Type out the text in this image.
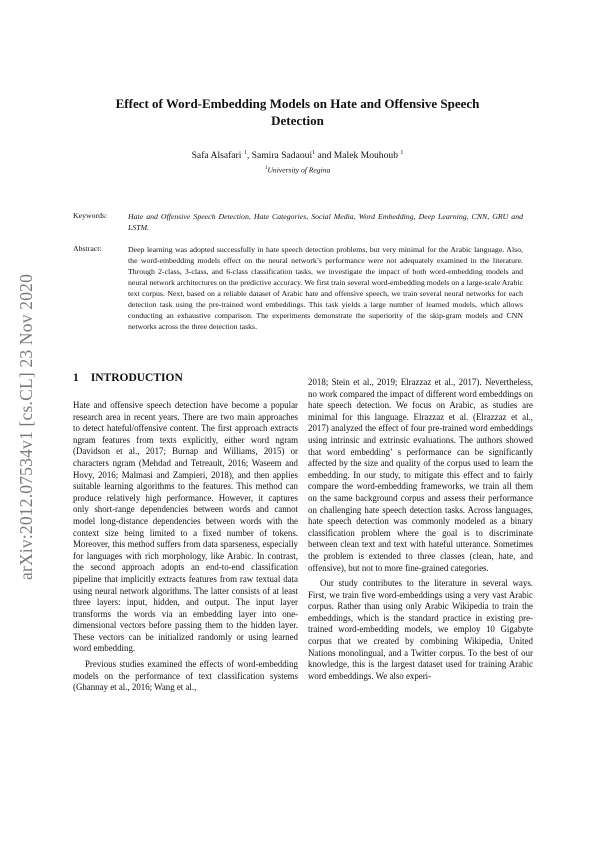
arXiv:2012.07534v1 [cs.CL] 23 Nov 2020
Effect of Word-Embedding Models on Hate and Offensive Speech Detection
Safa Alsafari $^1$, Samira Sadaoui$^1$ and Malek Mouhoub $^1$
$^1$University of Regina
Keywords:	Hate and Offensive Speech Detection, Hate Categories, Social Media, Word Embedding, Deep Learning, CNN, GRU and LSTM.
Abstract:	Deep learning was adopted successfully in hate speech detection problems, but very minimal for the Arabic language. Also, the word-embedding models effect on the neural network’s performance were not adequately examined in the literature. Through 2-class, 3-class, and 6-class classification tasks, we investigate the impact of both word-embedding models and neural network architectures on the predictive accuracy. We first train several word-embedding models on a large-scale Arabic text corpus. Next, based on a reliable dataset of Arabic hate and offensive speech, we train several neural networks for each detection task using the pre-trained word embeddings. This task yields a large number of learned models, which allows conducting an exhaustive comparison. The experiments demonstrate the superiority of the skip-gram models and CNN networks across the three detection tasks.
1 INTRODUCTION

Hate and offensive speech detection have become a popular research area in recent years. There are two main approaches to detect hateful/offensive content. The first approach extracts ngram features from texts explicitly, either word ngram (Davidson et al., 2017; Burnap and Williams, 2015) or characters ngram (Mehdad and Tetreault, 2016; Waseem and Hovy, 2016; Malmasi and Zampieri, 2018), and then applies suitable learning algorithms to the features. This method can produce relatively high performance. However, it captures only short-range dependencies between words and cannot model long-distance dependencies between words with the context size being limited to a fixed number of tokens. Moreover, this method suffers from data sparseness, especially for languages with rich morphology, like Arabic. In contrast, the second approach adopts an end-to-end classification pipeline that implicitly extracts features from raw textual data using neural network algorithms. The latter consists of at least three layers: input, hidden, and output. The input layer transforms the words via an embedding layer into one-dimensional vectors before passing them to the hidden layer. These vectors can be initialized randomly or using learned word embedding.

Previous studies examined the effects of word-embedding models on the performance of text classification systems (Ghannay et al., 2016; Wang et al.,

2018; Stein et al., 2019; Elrazzaz et al., 2017). Nevertheless, no work compared the impact of different word embeddings on hate speech detection. We focus on Arabic, as studies are minimal for this language. Elrazzaz et al. (Elrazzaz et al., 2017) analyzed the effect of four pre-trained word embeddings using intrinsic and extrinsic evaluations. The authors showed that word embedding’ s performance can be significantly affected by the size and quality of the corpus used to learn the embedding. In our study, to mitigate this effect and to fairly compare the word-embedding frameworks, we train all them on the same background corpus and assess their performance on challenging hate speech detection tasks. Across languages, hate speech detection was commonly modeled as a binary classification problem where the goal is to discriminate between clean text and text with hateful utterance. Sometimes the problem is extended to three classes (clean, hate, and offensive), but not to more fine-grained categories.

Our study contributes to the literature in several ways. First, we train five word-embeddings using a very vast Arabic corpus. Rather than using only Arabic Wikipedia to train the embeddings, which is the standard practice in existing pre-trained word-embedding models, we employ 10 Gigabyte corpus that we created by combining Wikipedia, United Nations monolingual, and a Twitter corpus. To the best of our knowledge, this is the largest dataset used for training Arabic word embeddings. We also experi-
